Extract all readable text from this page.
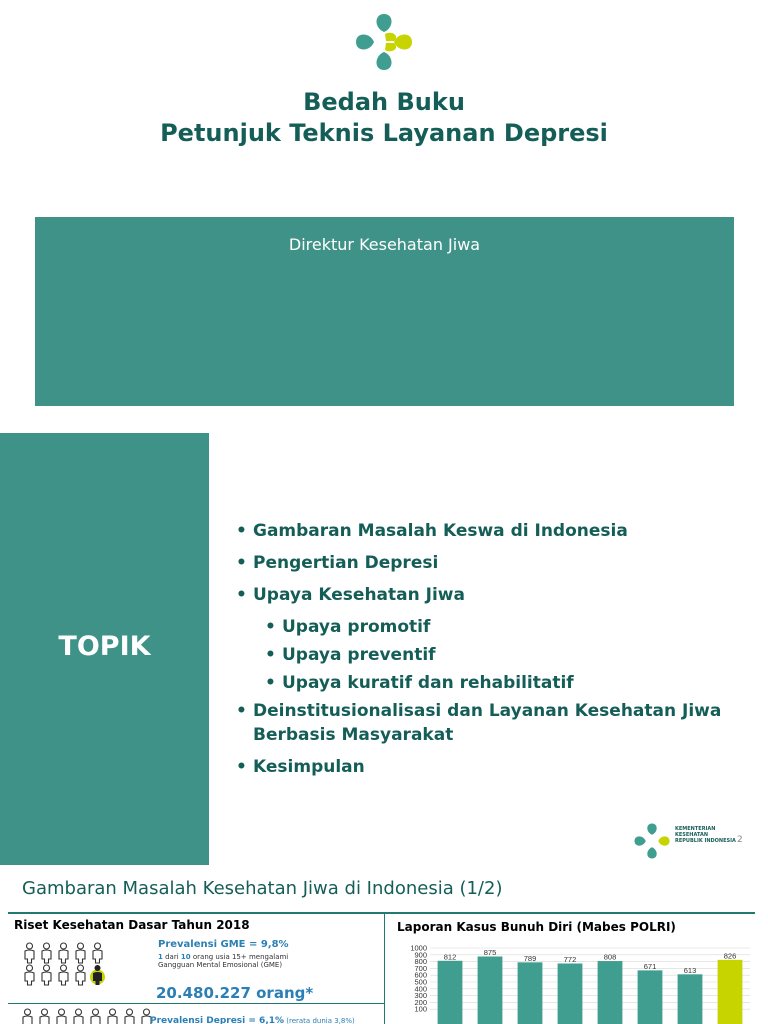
Bedah Buku
Petunjuk Teknis Layanan Depresi
Direktur Kesehatan Jiwa
TOPIK
• Gambaran Masalah Keswa di Indonesia
• Pengertian Depresi
• Upaya Kesehatan Jiwa
• Upaya promotif
• Upaya preventif
• Upaya kuratif dan rehabilitatif
• Deinstitusionalisasi dan Layanan Kesehatan Jiwa Berbasis Masyarakat
• Kesimpulan
KEMENTERIAN KESEHATAN REPUBLIK INDONESIA 2
Gambaran Masalah Kesehatan Jiwa di Indonesia (1/2)
Riset Kesehatan Dasar Tahun 2018
Prevalensi GME = 9,8%
1 dari 10 orang usia 15+ mengalami Gangguan Mental Emosional (GME)
20.480.227 orang*
Prevalensi Depresi = 6,1% (rerata dunia 3,8%)
Laporan Kasus Bunuh Diri (Mabes POLRI)
100
200
300
400
500
600
700
800
900
1000
812	875
789	772	808
671	613
826
